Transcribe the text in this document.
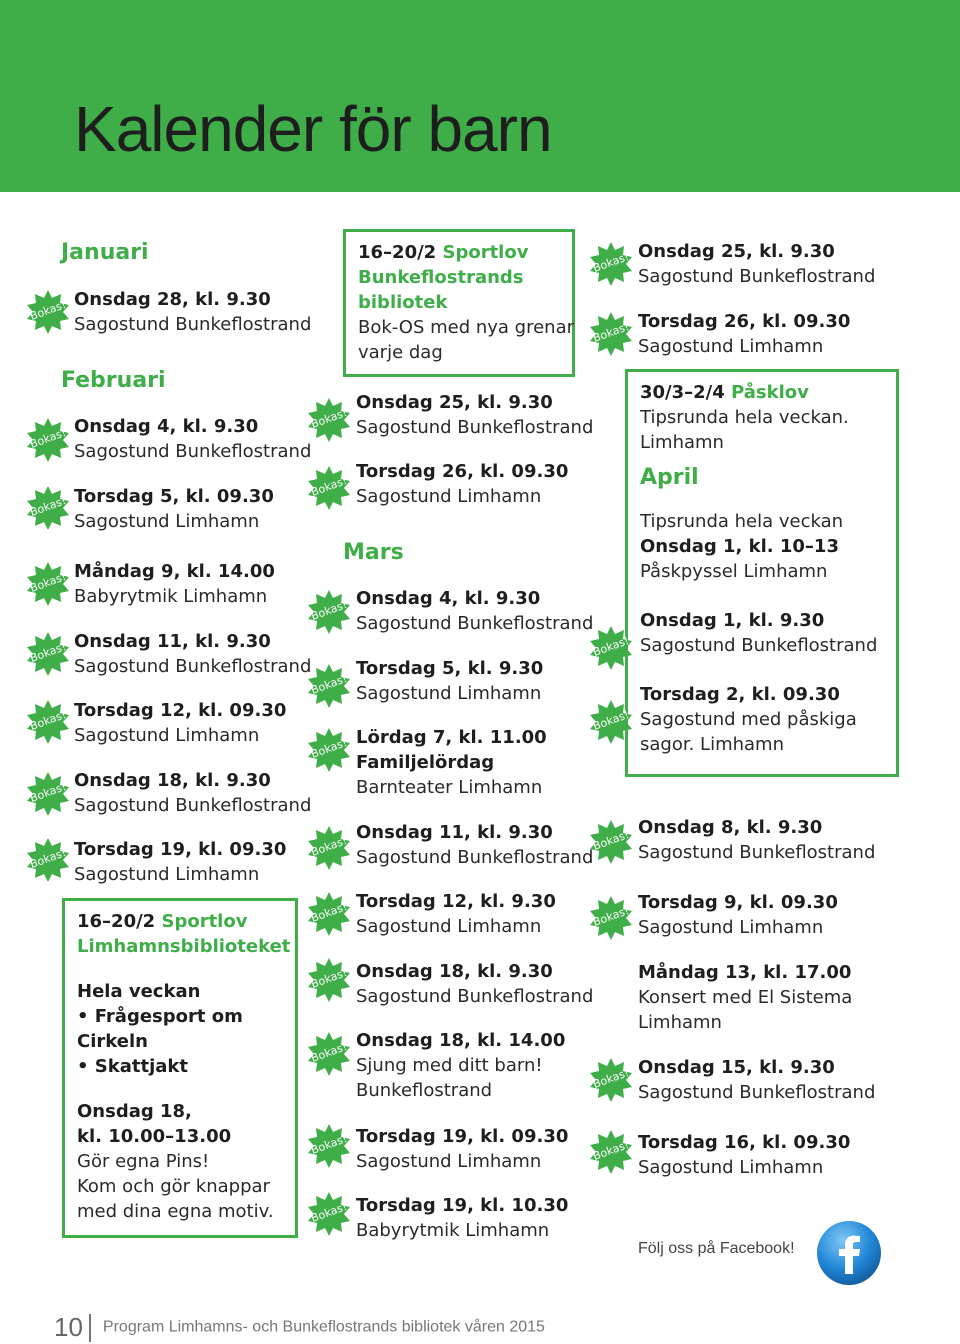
Kalender för barn
Januari
Bokas! Onsdag 28, kl. 9.30
Sagostund Bunkeflostrand
Februari
Bokas! Onsdag 4, kl. 9.30
Sagostund Bunkeflostrand
Bokas! Torsdag 5, kl. 09.30
Sagostund Limhamn
Bokas! Måndag 9, kl. 14.00
Babyrytmik Limhamn
Bokas! Onsdag 11, kl. 9.30
Sagostund Bunkeflostrand
Bokas! Torsdag 12, kl. 09.30
Sagostund Limhamn
Bokas! Onsdag 18, kl. 9.30
Sagostund Bunkeflostrand
Bokas! Torsdag 19, kl. 09.30
Sagostund Limhamn
16–20/2 Sportlov
Limhamnsbiblioteket
Hela veckan
• Frågesport om Cirkeln
• Skattjakt
Onsdag 18,
kl. 10.00–13.00
Gör egna Pins!
Kom och gör knappar
med dina egna motiv.
16–20/2 Sportlov
Bunkeflostrands
bibliotek
Bok-OS med nya grenar
varje dag
Bokas!
Onsdag 25, kl. 9.30
Sagostund Bunkeflostrand
Bokas!
Torsdag 26, kl. 09.30
Sagostund Limhamn
Mars
Bokas! Onsdag 4, kl. 9.30
Sagostund Bunkeflostrand
Bokas!
Torsdag 5, kl. 9.30
Sagostund Limhamn
Bokas! Lördag 7, kl. 11.00
Familjelördag
Barnteater Limhamn
Bokas!
Onsdag 11, kl. 9.30
Sagostund Bunkeflostrand
Bokas! Torsdag 12, kl. 9.30
Sagostund Limhamn
Bokas! Onsdag 18, kl. 9.30
Sagostund Bunkeflostrand
Bokas! Onsdag 18, kl. 14.00
Sjung med ditt barn!
Bunkeflostrand
Bokas! Torsdag 19, kl. 09.30
Sagostund Limhamn
Bokas! Torsdag 19, kl. 10.30
Babyrytmik Limhamn
Bokas! Onsdag 25, kl. 9.30
Sagostund Bunkeflostrand
Bokas! Torsdag 26, kl. 09.30
Sagostund Limhamn
30/3–2/4 Påsklov
Tipsrunda hela veckan.
Limhamn
April
Tipsrunda hela veckan
Onsdag 1, kl. 10–13
Påskpyssel Limhamn
Onsdag 1, kl. 9.30
Sagostund Bunkeflostrand
Torsdag 2, kl. 09.30
Sagostund med påskiga
sagor. Limhamn
Bokas!
Bokas!
Bokas!
Onsdag 8, kl. 9.30
Sagostund Bunkeflostrand
Bokas!
Torsdag 9, kl. 09.30
Sagostund Limhamn
Måndag 13, kl. 17.00
Konsert med El Sistema
Limhamn
Bokas! Onsdag 15, kl. 9.30
Sagostund Bunkeflostrand
Bokas! Torsdag 16, kl. 09.30
Sagostund Limhamn
Följ oss på Facebook!
10 Program Limhamns- och Bunkeflostrands bibliotek våren 2015
